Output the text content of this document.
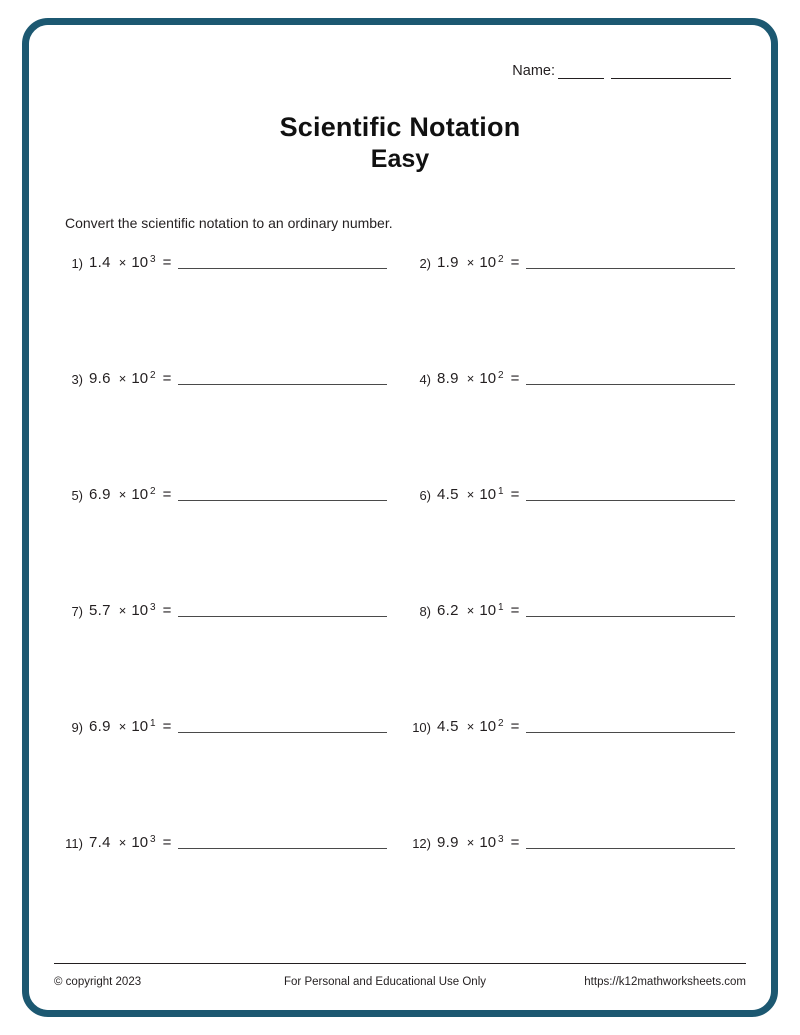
Name:
Scientific Notation
Easy
Convert the scientific notation to an ordinary number.
1) 1.4 × 10 3 =	2) 1.9 × 10 2 =
3) 9.6 × 10 2 =	4) 8.9 × 10 2 =
5) 6.9 × 10 2 =	6) 4.5 × 10 1 =
7) 5.7 × 10 3 =	8) 6.2 × 10 1 =
9) 6.9 × 10 1 =	10) 4.5 × 10 2 =
11) 7.4 × 10 3 =	12) 9.9 × 10 3 =
© copyright 2023	For Personal and Educational Use Only	https://k12mathworksheets.com
